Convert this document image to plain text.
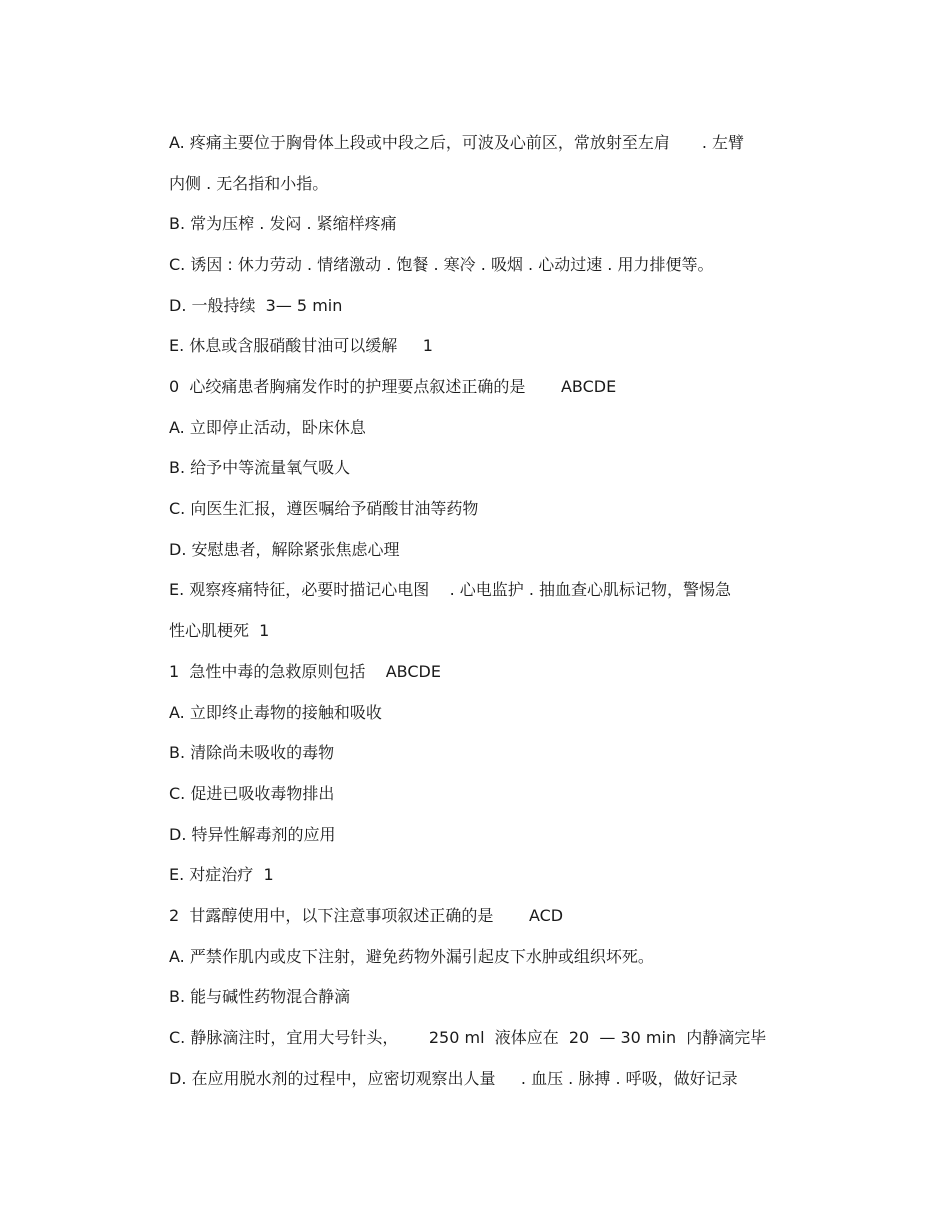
A. 疼痛主要位于胸骨体上段或中段之后，可波及心前区，常放射至左肩　　. 左臂
内侧 . 无名指和小指。
B. 常为压榨 . 发闷 . 紧缩样疼痛
C. 诱因 : 休力劳动 . 情绪激动 . 饱餐 . 寒冷 . 吸烟 . 心动过速 . 用力排便等。
D. 一般持续  3— 5 min
E. 休息或含服硝酸甘油可以缓解     1
0  心绞痛患者胸痛发作时的护理要点叙述正确的是       ABCDE
A. 立即停止活动，卧床休息
B. 给予中等流量氧气吸人
C. 向医生汇报，遵医嘱给予硝酸甘油等药物
D. 安慰患者，解除紧张焦虑心理
E. 观察疼痛特征，必要时描记心电图    . 心电监护 . 抽血查心肌标记物，警惕急
性心肌梗死  1
1  急性中毒的急救原则包括    ABCDE
A. 立即终止毒物的接触和吸收
B. 清除尚未吸收的毒物
C. 促进已吸收毒物排出
D. 特异性解毒剂的应用
E. 对症治疗  1
2  甘露醇使用中，以下注意事项叙述正确的是       ACD
A. 严禁作肌内或皮下注射，避免药物外漏引起皮下水肿或组织坏死。
B. 能与碱性药物混合静滴
C. 静脉滴注时，宜用大号针头，      250 ml  液体应在  20  — 30 min  内静滴完毕
D. 在应用脱水剂的过程中，应密切观察出人量     . 血压 . 脉搏 . 呼吸，做好记录
